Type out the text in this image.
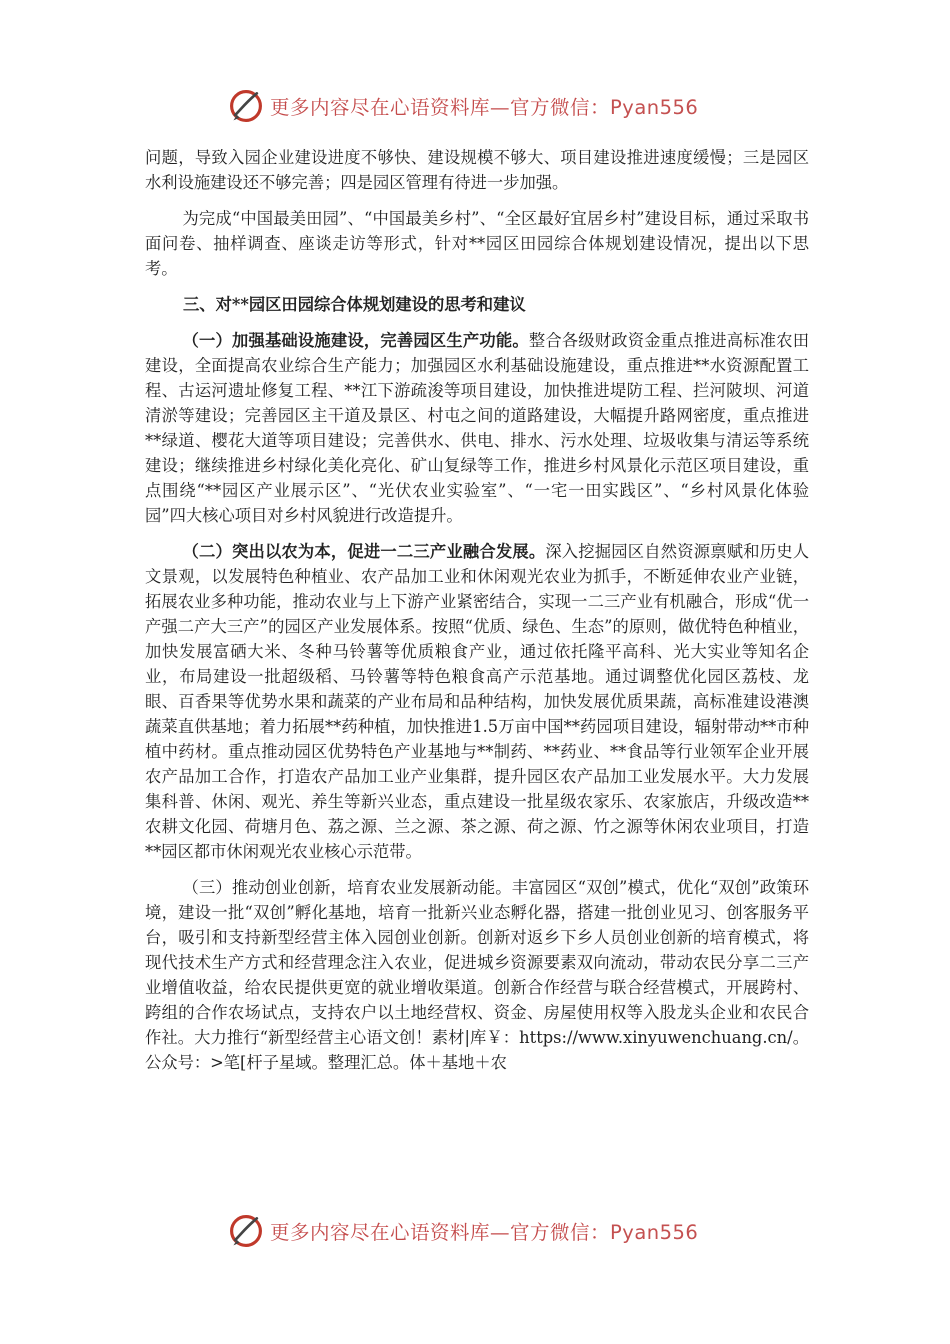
更多内容尽在心语资料库—官方微信：Pyan556

问题，导致入园企业建设进度不够快、建设规模不够大、项目建设推进速度缓慢；三是园区水利设施建设还不够完善；四是园区管理有待进一步加强。

为完成“中国最美田园”、“中国最美乡村”、“全区最好宜居乡村”建设目标，通过采取书面问卷、抽样调查、座谈走访等形式，针对**园区田园综合体规划建设情况，提出以下思考。

三、对**园区田园综合体规划建设的思考和建议

（一）加强基础设施建设，完善园区生产功能。整合各级财政资金重点推进高标准农田建设，全面提高农业综合生产能力；加强园区水利基础设施建设，重点推进**水资源配置工程、古运河遗址修复工程、**江下游疏浚等项目建设，加快推进堤防工程、拦河陂坝、河道清淤等建设；完善园区主干道及景区、村屯之间的道路建设，大幅提升路网密度，重点推进**绿道、樱花大道等项目建设；完善供水、供电、排水、污水处理、垃圾收集与清运等系统建设；继续推进乡村绿化美化亮化、矿山复绿等工作，推进乡村风景化示范区项目建设，重点围绕“**园区产业展示区”、“光伏农业实验室”、“一宅一田实践区”、“乡村风景化体验园”四大核心项目对乡村风貌进行改造提升。

（二）突出以农为本，促进一二三产业融合发展。深入挖掘园区自然资源禀赋和历史人文景观，以发展特色种植业、农产品加工业和休闲观光农业为抓手，不断延伸农业产业链，拓展农业多种功能，推动农业与上下游产业紧密结合，实现一二三产业有机融合，形成“优一产强二产大三产”的园区产业发展体系。按照“优质、绿色、生态”的原则，做优特色种植业，加快发展富硒大米、冬种马铃薯等优质粮食产业，通过依托隆平高科、光大实业等知名企业，布局建设一批超级稻、马铃薯等特色粮食高产示范基地。通过调整优化园区荔枝、龙眼、百香果等优势水果和蔬菜的产业布局和品种结构，加快发展优质果蔬，高标准建设港澳蔬菜直供基地；着力拓展**药种植，加快推进1.5万亩中国**药园项目建设，辐射带动**市种植中药材。重点推动园区优势特色产业基地与**制药、**药业、**食品等行业领军企业开展农产品加工合作，打造农产品加工业产业集群，提升园区农产品加工业发展水平。大力发展集科普、休闲、观光、养生等新兴业态，重点建设一批星级农家乐、农家旅店，升级改造**农耕文化园、荷塘月色、荔之源、兰之源、茶之源、荷之源、竹之源等休闲农业项目，打造**园区都市休闲观光农业核心示范带。

（三）推动创业创新，培育农业发展新动能。丰富园区“双创”模式，优化“双创”政策环境，建设一批“双创”孵化基地，培育一批新兴业态孵化器，搭建一批创业见习、创客服务平台，吸引和支持新型经营主体入园创业创新。创新对返乡下乡人员创业创新的培育模式，将现代技术生产方式和经营理念注入农业，促进城乡资源要素双向流动，带动农民分享二三产业增值收益，给农民提供更宽的就业增收渠道。创新合作经营与联合经营模式，开展跨村、跨组的合作农场试点，支持农户以土地经营权、资金、房屋使用权等入股龙头企业和农民合作社。大力推行“新型经营主心语文创！素材|库￥：https://www.xinyuwenchuang.cn/。公众号：>笔[杆子星域。整理汇总。体＋基地＋农

更多内容尽在心语资料库—官方微信：Pyan556
